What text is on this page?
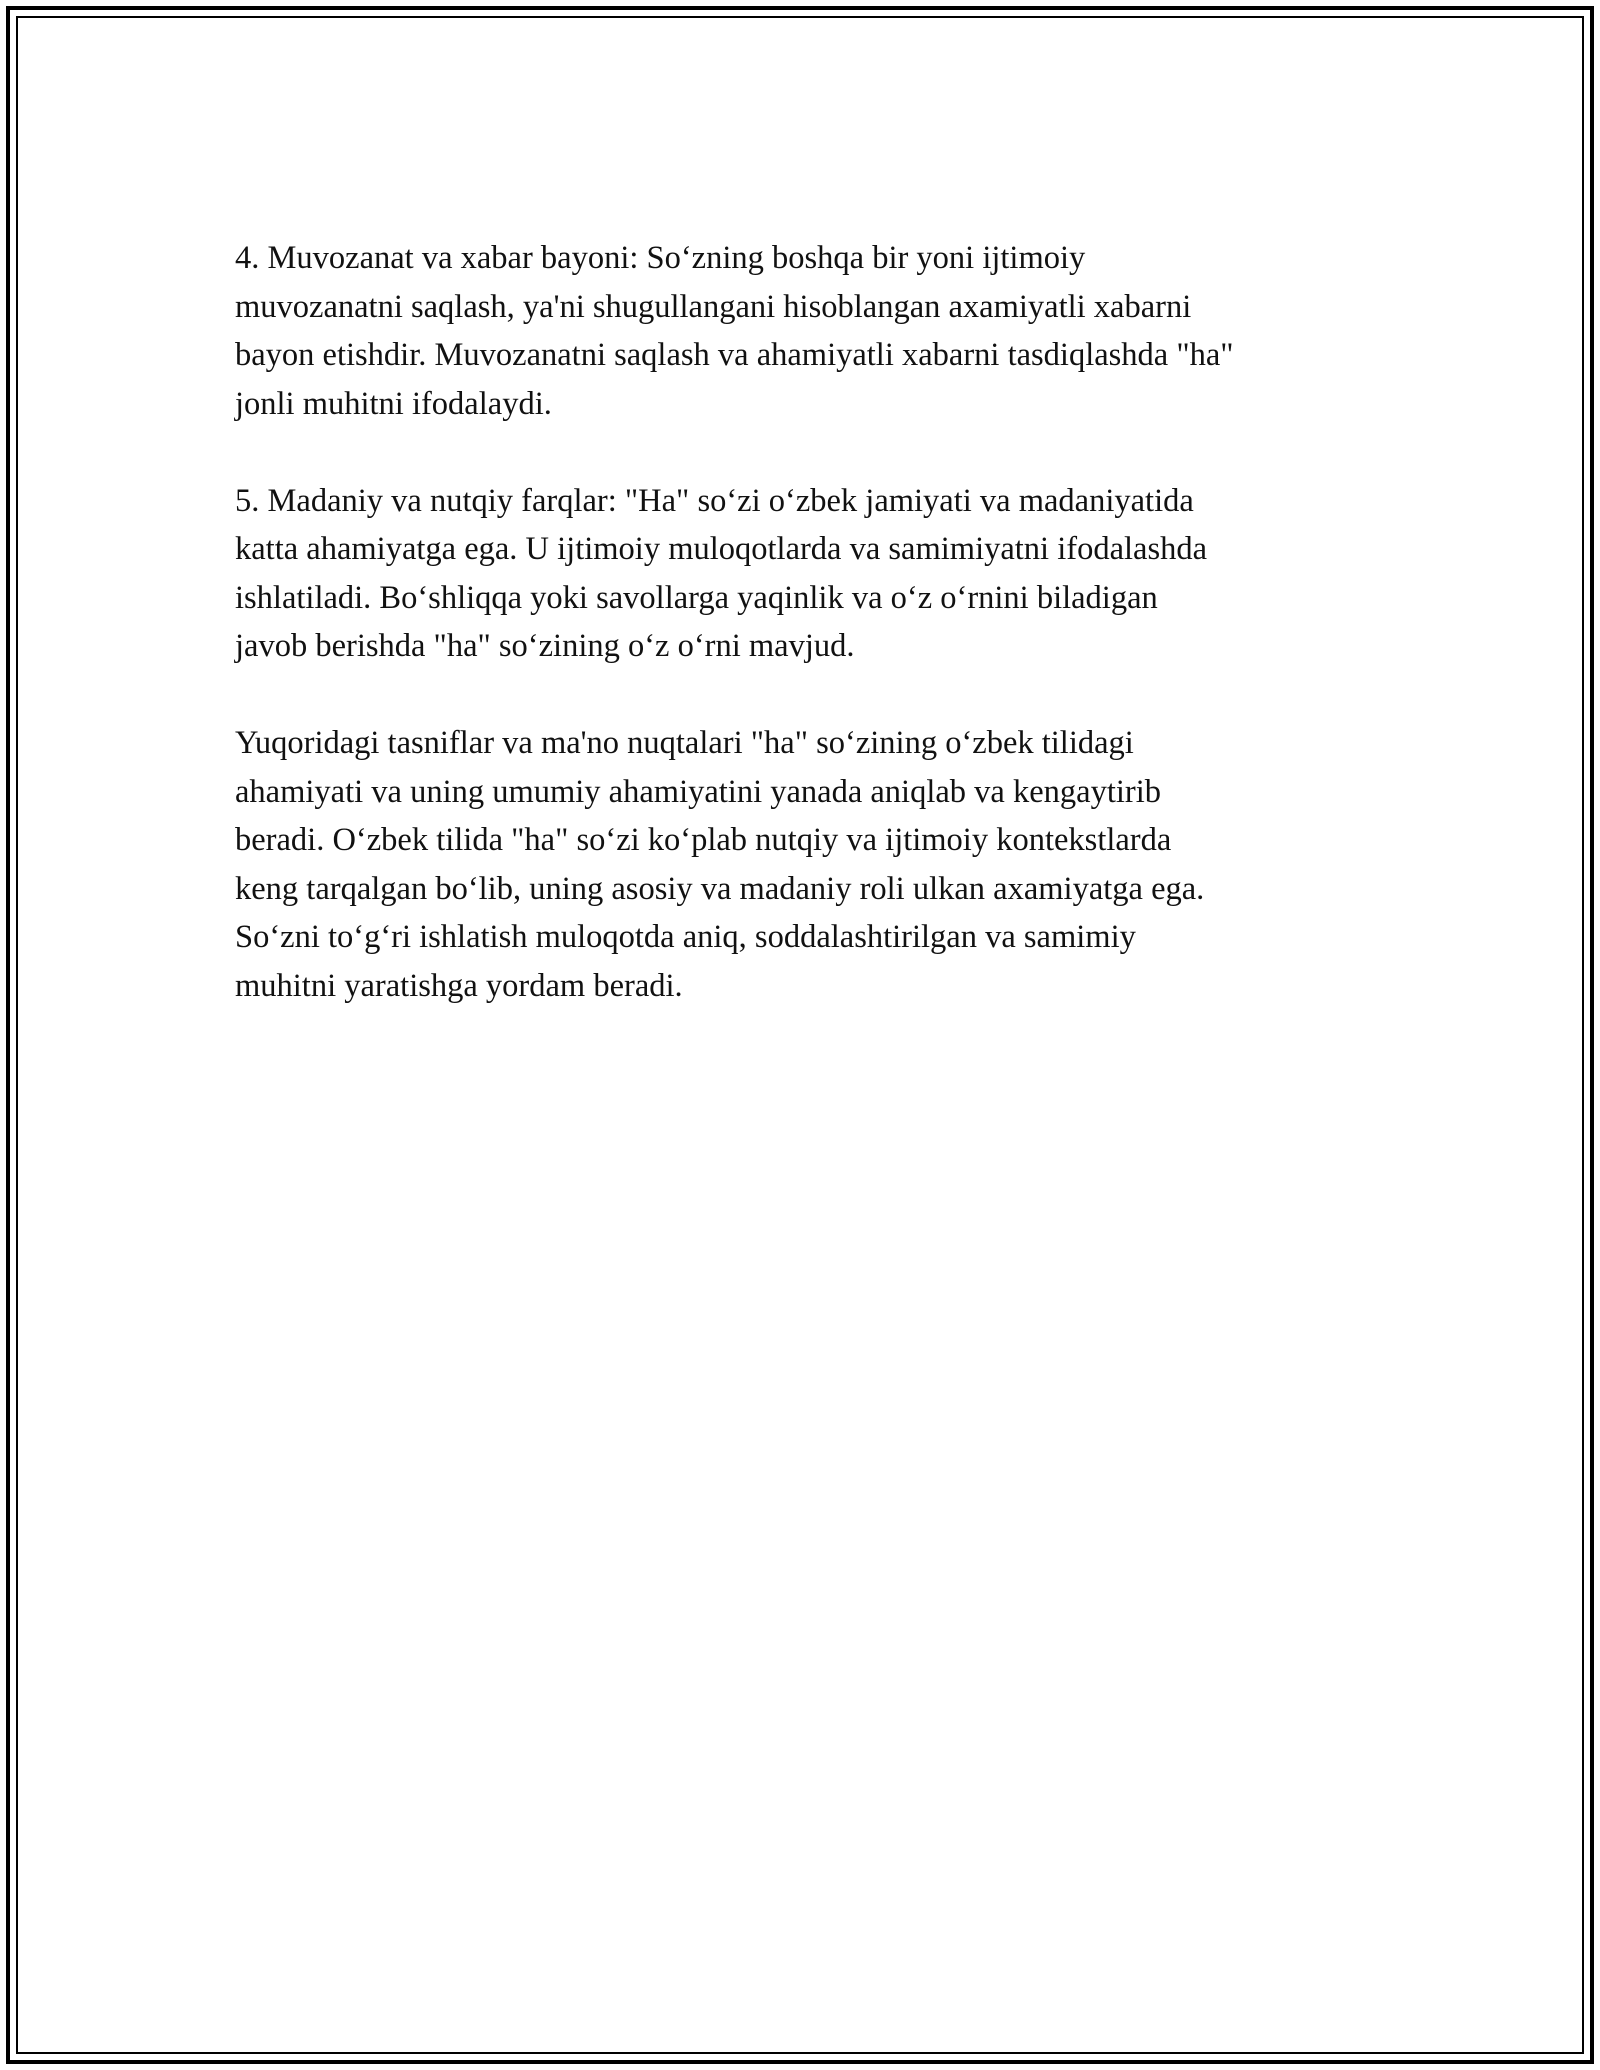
4. Muvozanat va xabar bayoni: So‘zning boshqa bir yoni ijtimoiy
muvozanatni saqlash, ya'ni shugullangani hisoblangan axamiyatli xabarni
bayon etishdir. Muvozanatni saqlash va ahamiyatli xabarni tasdiqlashda "ha"
jonli muhitni ifodalaydi.

5. Madaniy va nutqiy farqlar: "Ha" so‘zi o‘zbek jamiyati va madaniyatida
katta ahamiyatga ega. U ijtimoiy muloqotlarda va samimiyatni ifodalashda
ishlatiladi. Bo‘shliqqa yoki savollarga yaqinlik va o‘z o‘rnini biladigan
javob berishda "ha" so‘zining o‘z o‘rni mavjud.

Yuqoridagi tasniflar va ma'no nuqtalari "ha" so‘zining o‘zbek tilidagi
ahamiyati va uning umumiy ahamiyatini yanada aniqlab va kengaytirib
beradi. O‘zbek tilida "ha" so‘zi ko‘plab nutqiy va ijtimoiy kontekstlarda
keng tarqalgan bo‘lib, uning asosiy va madaniy roli ulkan axamiyatga ega.
So‘zni to‘g‘ri ishlatish muloqotda aniq, soddalashtirilgan va samimiy
muhitni yaratishga yordam beradi.
